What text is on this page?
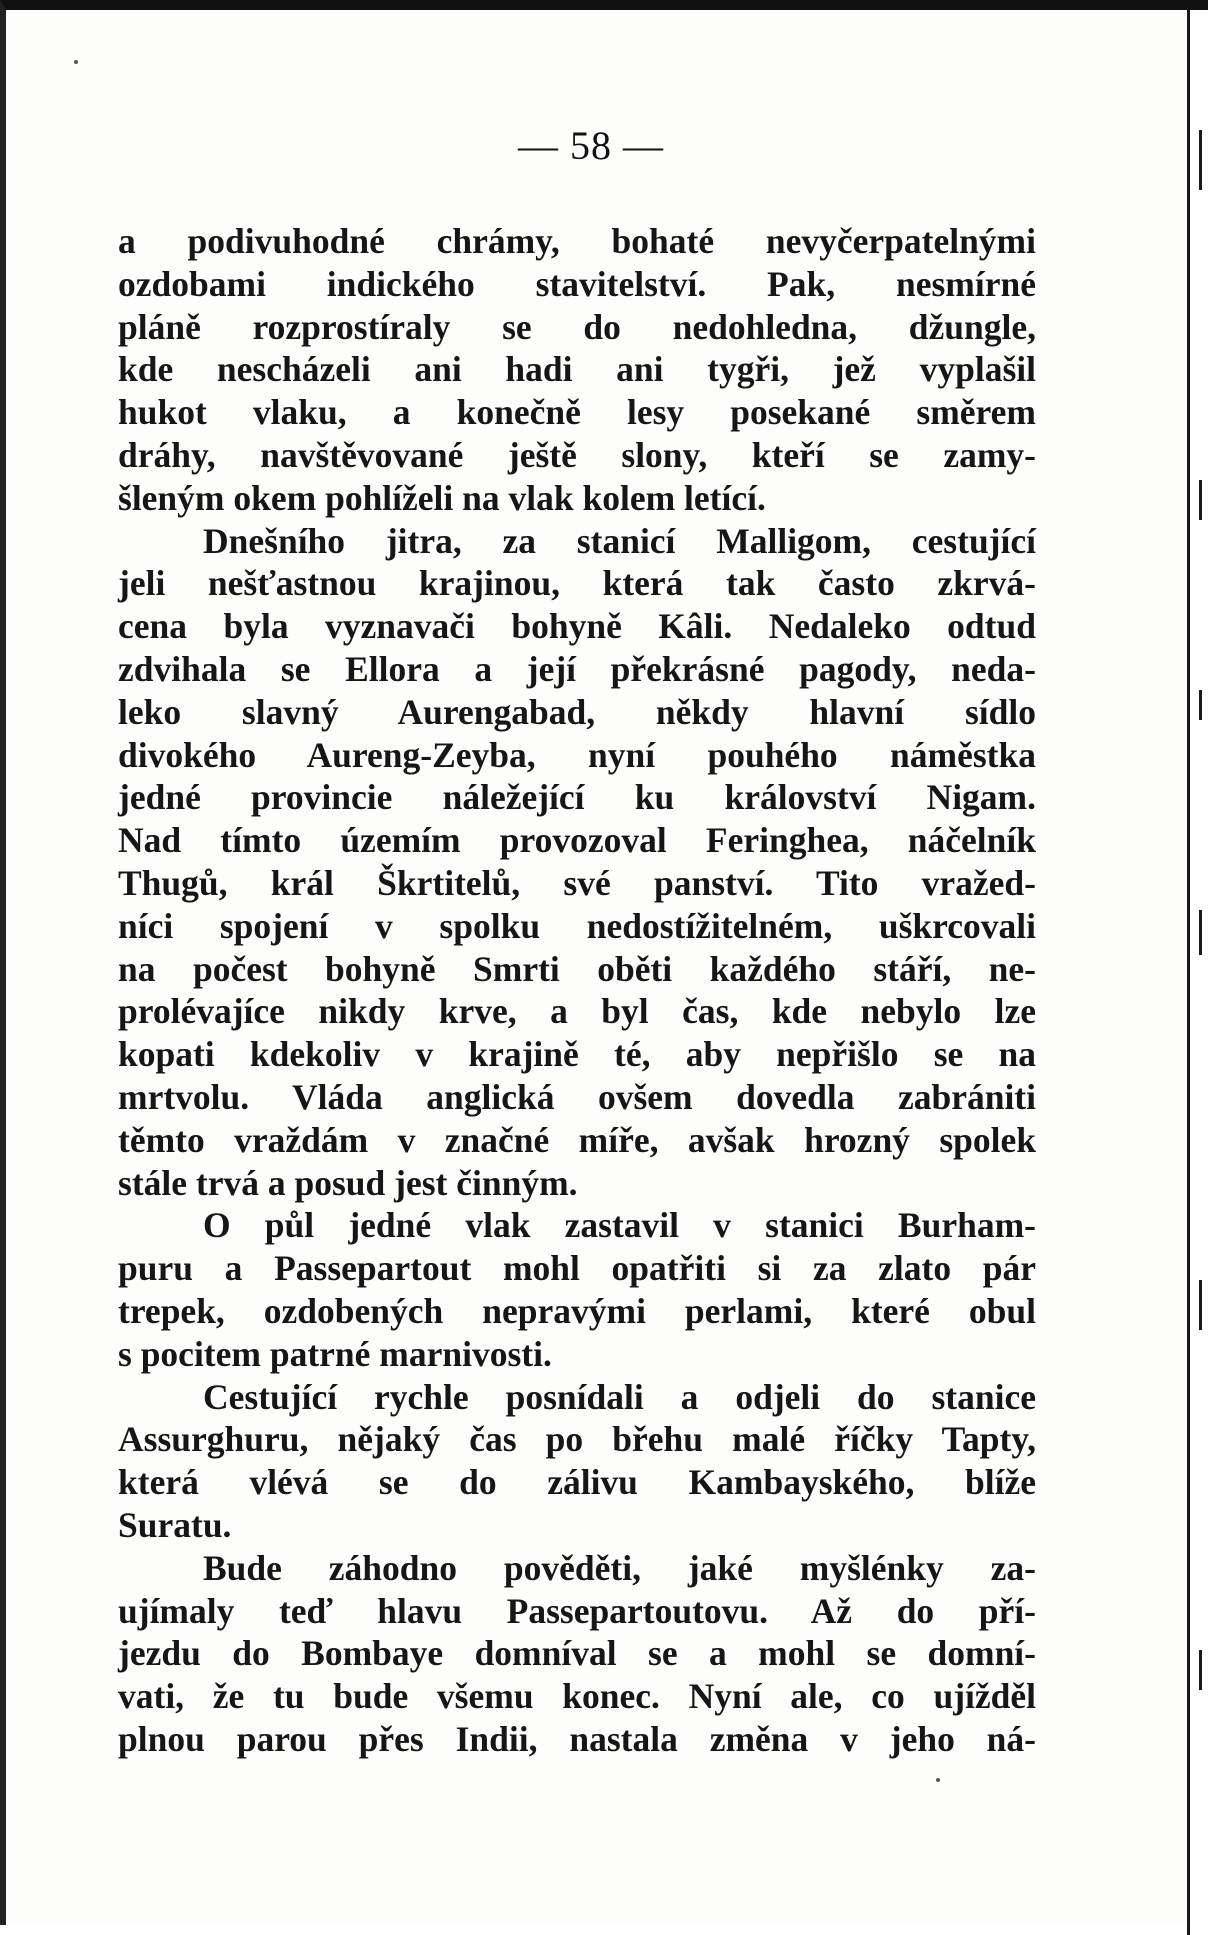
— 58 —
a podivuhodné chrámy, bohaté nevyčerpatelnými
ozdobami indického stavitelství. Pak, nesmírné
pláně rozprostíraly se do nedohledna, džungle,
kde nescházeli ani hadi ani tygři, jež vyplašil
hukot vlaku, a konečně lesy posekané směrem
dráhy, navštěvované ještě slony, kteří se zamy-
šleným okem pohlíželi na vlak kolem letící.
Dnešního jitra, za stanicí Malligom, cestující
jeli nešťastnou krajinou, která tak často zkrvá-
cena byla vyznavači bohyně Kâli. Nedaleko odtud
zdvihala se Ellora a její překrásné pagody, neda-
leko slavný Aurengabad, někdy hlavní sídlo
divokého Aureng-Zeyba, nyní pouhého náměstka
jedné provincie náležející ku království Nigam.
Nad tímto územím provozoval Feringhea, náčelník
Thugů, král Škrtitelů, své panství. Tito vražed-
níci spojení v spolku nedostížitelném, uškrcovali
na počest bohyně Smrti oběti každého stáří, ne-
prolévajíce nikdy krve, a byl čas, kde nebylo lze
kopati kdekoliv v krajině té, aby nepřišlo se na
mrtvolu. Vláda anglická ovšem dovedla zabrániti
těmto vraždám v značné míře, avšak hrozný spolek
stále trvá a posud jest činným.
O půl jedné vlak zastavil v stanici Burham-
puru a Passepartout mohl opatřiti si za zlato pár
trepek, ozdobených nepravými perlami, které obul
s pocitem patrné marnivosti.
Cestující rychle posnídali a odjeli do stanice
Assurghuru, nějaký čas po břehu malé říčky Tapty,
která vlévá se do zálivu Kambayského, blíže
Suratu.
Bude záhodno pověděti, jaké myšlénky za-
ujímaly teď hlavu Passepartoutovu. Až do pří-
jezdu do Bombaye domníval se a mohl se domní-
vati, že tu bude všemu konec. Nyní ale, co ujížděl
plnou parou přes Indii, nastala změna v jeho ná-
